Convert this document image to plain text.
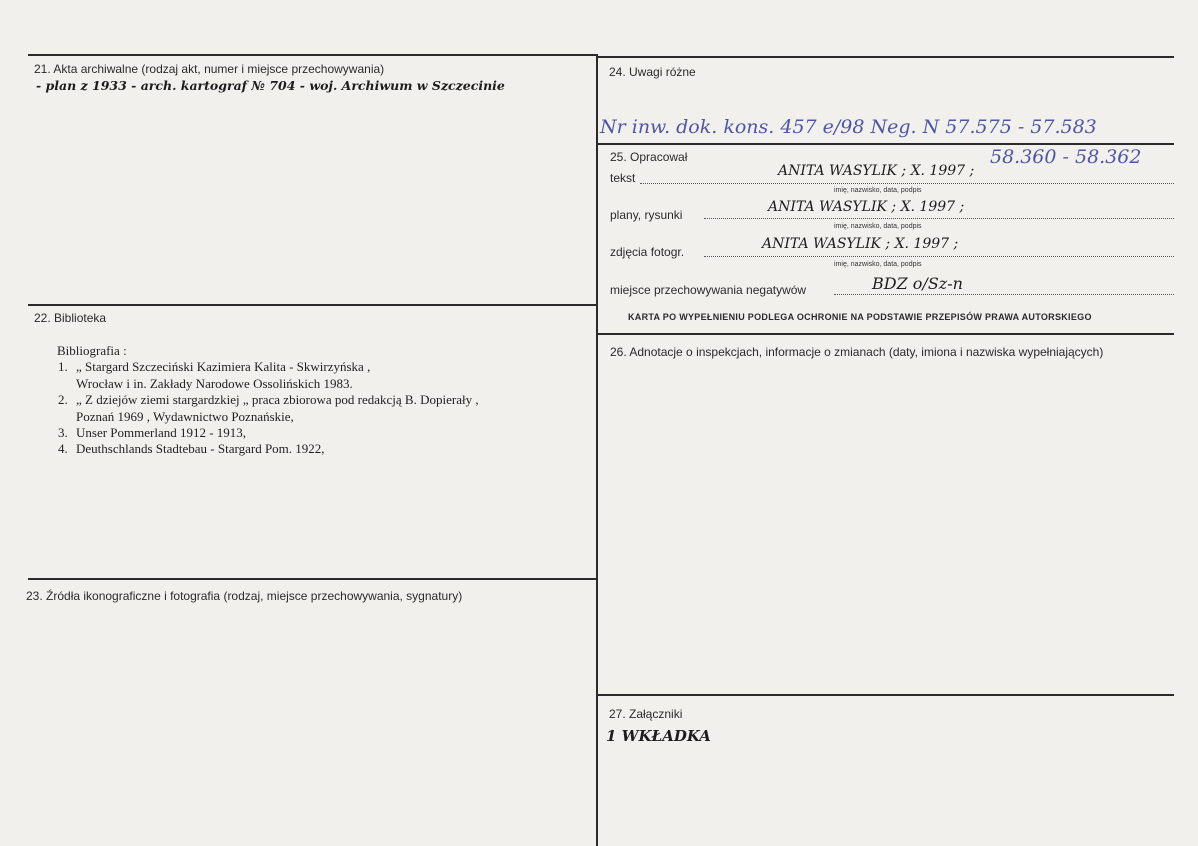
21. Akta archiwalne (rodzaj akt, numer i miejsce przechowywania)
- plan z 1933 - arch. kartograf № 704 - woj. Archiwum w Szczecinie
22. Biblioteka
Bibliografia :
1. „ Stargard Szczeciński Kazimiera Kalita - Skwirzyńska ,
Wrocław i in. Zakłady Narodowe Ossolińskich 1983.
2. „ Z dziejów ziemi stargardzkiej „ praca zbiorowa pod redakcją B. Dopierały ,
Poznań 1969 , Wydawnictwo Poznańskie,
3. Unser Pommerland 1912 - 1913,
4. Deuthschlands Stadtebau - Stargard Pom. 1922,
23. Źródła ikonograficzne i fotografia (rodzaj, miejsce przechowywania, sygnatury)
24. Uwagi różne
Nr inw. dok. kons. 457 e/98 Neg. N 57.575 - 57.583
58.360 - 58.362
25. Opracował
tekst	ANITA WASYLIK ; X. 1997 ;
imię, nazwisko, data, podpis
plany, rysunki	ANITA WASYLIK ; X. 1997 ;
imię, nazwisko, data, podpis
zdjęcia fotogr.	ANITA WASYLIK ; X. 1997 ;
imię, nazwisko, data, podpis
miejsce przechowywania negatywów	BDZ o/Sz-n
KARTA PO WYPEŁNIENIU PODLEGA OCHRONIE NA PODSTAWIE PRZEPISÓW PRAWA AUTORSKIEGO
26. Adnotacje o inspekcjach, informacje o zmianach (daty, imiona i nazwiska wypełniających)
27. Załączniki
1 WKŁADKA
